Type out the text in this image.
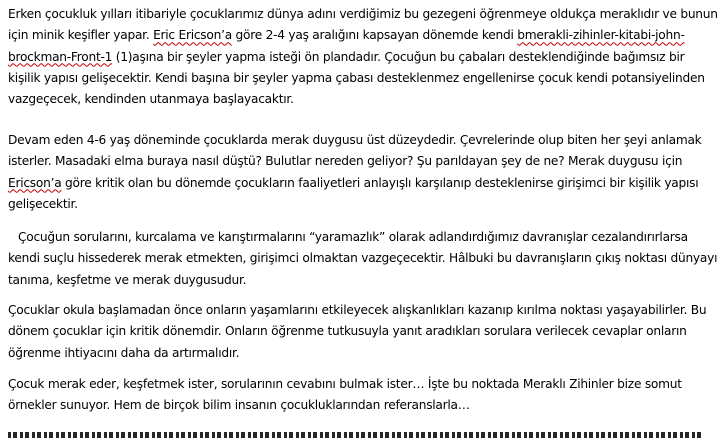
Erken çocukluk yılları itibariyle çocuklarımız dünya adını verdiğimiz bu gezegeni öğrenmeye oldukça meraklıdır ve bunun için minik keşifler yapar. Eric Ericson’a göre 2-4 yaş aralığını kapsayan dönemde kendi bmerakli-zihinler-kitabi-john-brockman-Front-1 (1)aşına bir şeyler yapma isteği ön plandadır. Çocuğun bu çabaları desteklendiğinde bağımsız bir kişilik yapısı gelişecektir. Kendi başına bir şeyler yapma çabası desteklenmez engellenirse çocuk kendi potansiyelinden vazgeçecek, kendinden utanmaya başlayacaktır.

Devam eden 4-6 yaş döneminde çocuklarda merak duygusu üst düzeydedir. Çevrelerinde olup biten her şeyi anlamak isterler. Masadaki elma buraya nasıl düştü? Bulutlar nereden geliyor? Şu parıldayan şey de ne? Merak duygusu için Ericson’a göre kritik olan bu dönemde çocukların faaliyetleri anlayışlı karşılanıp desteklenirse girişimci bir kişilik yapısı gelişecektir.

Çocuğun sorularını, kurcalama ve karıştırmalarını “yaramazlık” olarak adlandırdığımız davranışlar cezalandırırlarsa kendi suçlu hissederek merak etmekten, girişimci olmaktan vazgeçecektir. Hâlbuki bu davranışların çıkış noktası dünyayı tanıma, keşfetme ve merak duygusudur.

Çocuklar okula başlamadan önce onların yaşamlarını etkileyecek alışkanlıkları kazanıp kırılma noktası yaşayabilirler. Bu dönem çocuklar için kritik dönemdir. Onların öğrenme tutkusuyla yanıt aradıkları sorulara verilecek cevaplar onların öğrenme ihtiyacını daha da artırmalıdır.

Çocuk merak eder, keşfetmek ister, sorularının cevabını bulmak ister… İşte bu noktada Meraklı Zihinler bize somut örnekler sunuyor. Hem de birçok bilim insanın çocukluklarından referanslarla…
